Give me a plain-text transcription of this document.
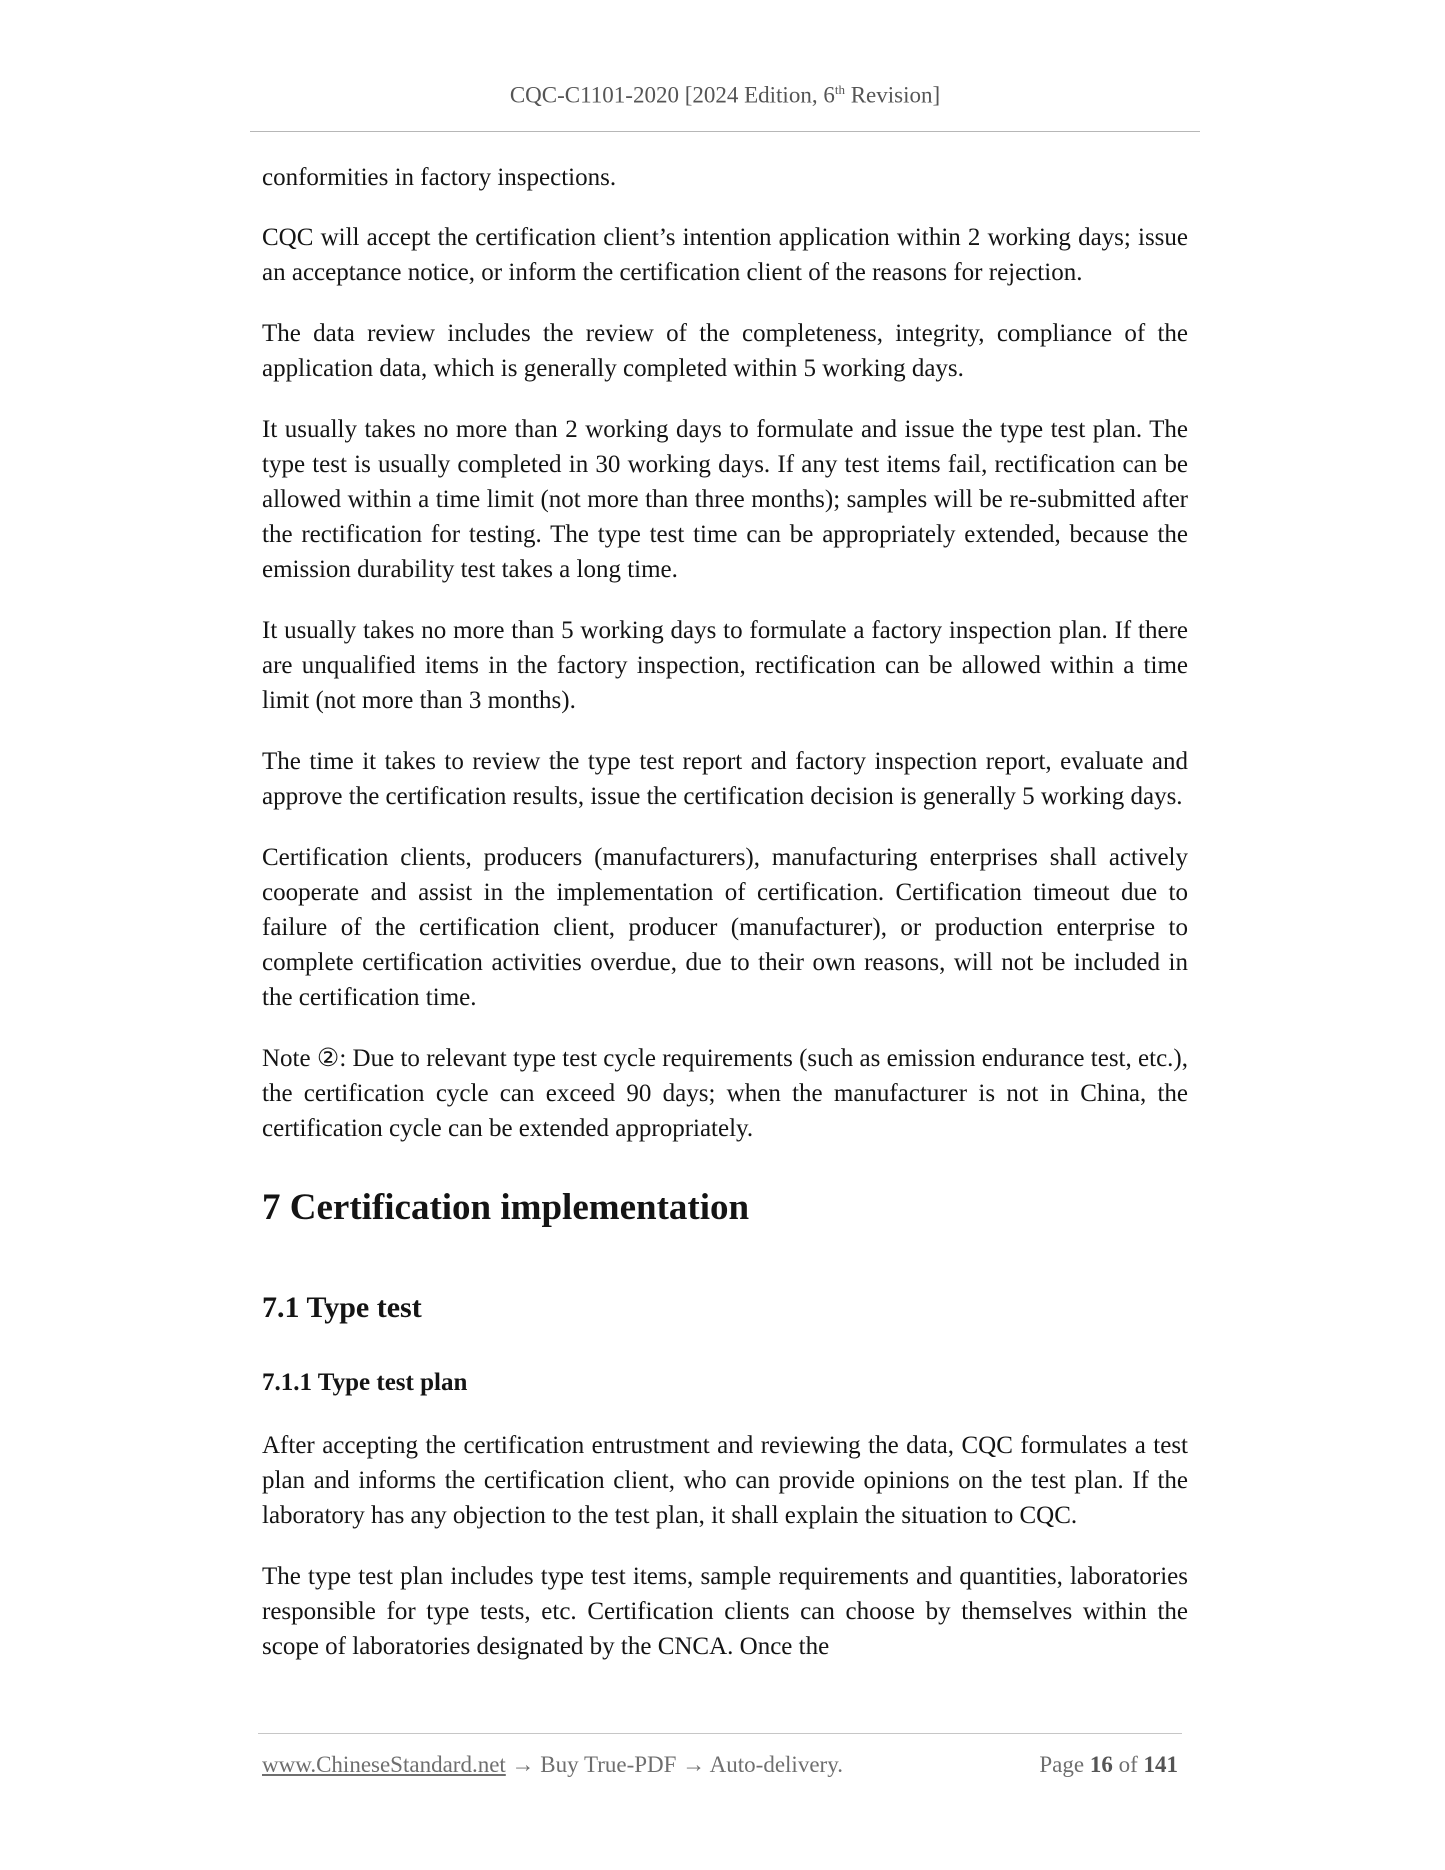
CQC-C1101-2020 [2024 Edition, 6th Revision]

conformities in factory inspections.

CQC will accept the certification client’s intention application within 2 working days; issue an acceptance notice, or inform the certification client of the reasons for rejection.

The data review includes the review of the completeness, integrity, compliance of the application data, which is generally completed within 5 working days.

It usually takes no more than 2 working days to formulate and issue the type test plan. The type test is usually completed in 30 working days. If any test items fail, rectification can be allowed within a time limit (not more than three months); samples will be re-submitted after the rectification for testing. The type test time can be appropriately extended, because the emission durability test takes a long time.

It usually takes no more than 5 working days to formulate a factory inspection plan. If there are unqualified items in the factory inspection, rectification can be allowed within a time limit (not more than 3 months).

The time it takes to review the type test report and factory inspection report, evaluate and approve the certification results, issue the certification decision is generally 5 working days.

Certification clients, producers (manufacturers), manufacturing enterprises shall actively cooperate and assist in the implementation of certification. Certification timeout due to failure of the certification client, producer (manufacturer), or production enterprise to complete certification activities overdue, due to their own reasons, will not be included in the certification time.

Note ②: Due to relevant type test cycle requirements (such as emission endurance test, etc.), the certification cycle can exceed 90 days; when the manufacturer is not in China, the certification cycle can be extended appropriately.

7 Certification implementation
7.1 Type test
7.1.1 Type test plan

After accepting the certification entrustment and reviewing the data, CQC formulates a test plan and informs the certification client, who can provide opinions on the test plan. If the laboratory has any objection to the test plan, it shall explain the situation to CQC.

The type test plan includes type test items, sample requirements and quantities, laboratories responsible for type tests, etc. Certification clients can choose by themselves within the scope of laboratories designated by the CNCA. Once the

www.ChineseStandard.net → Buy True-PDF → Auto-delivery.	Page 16 of 141
